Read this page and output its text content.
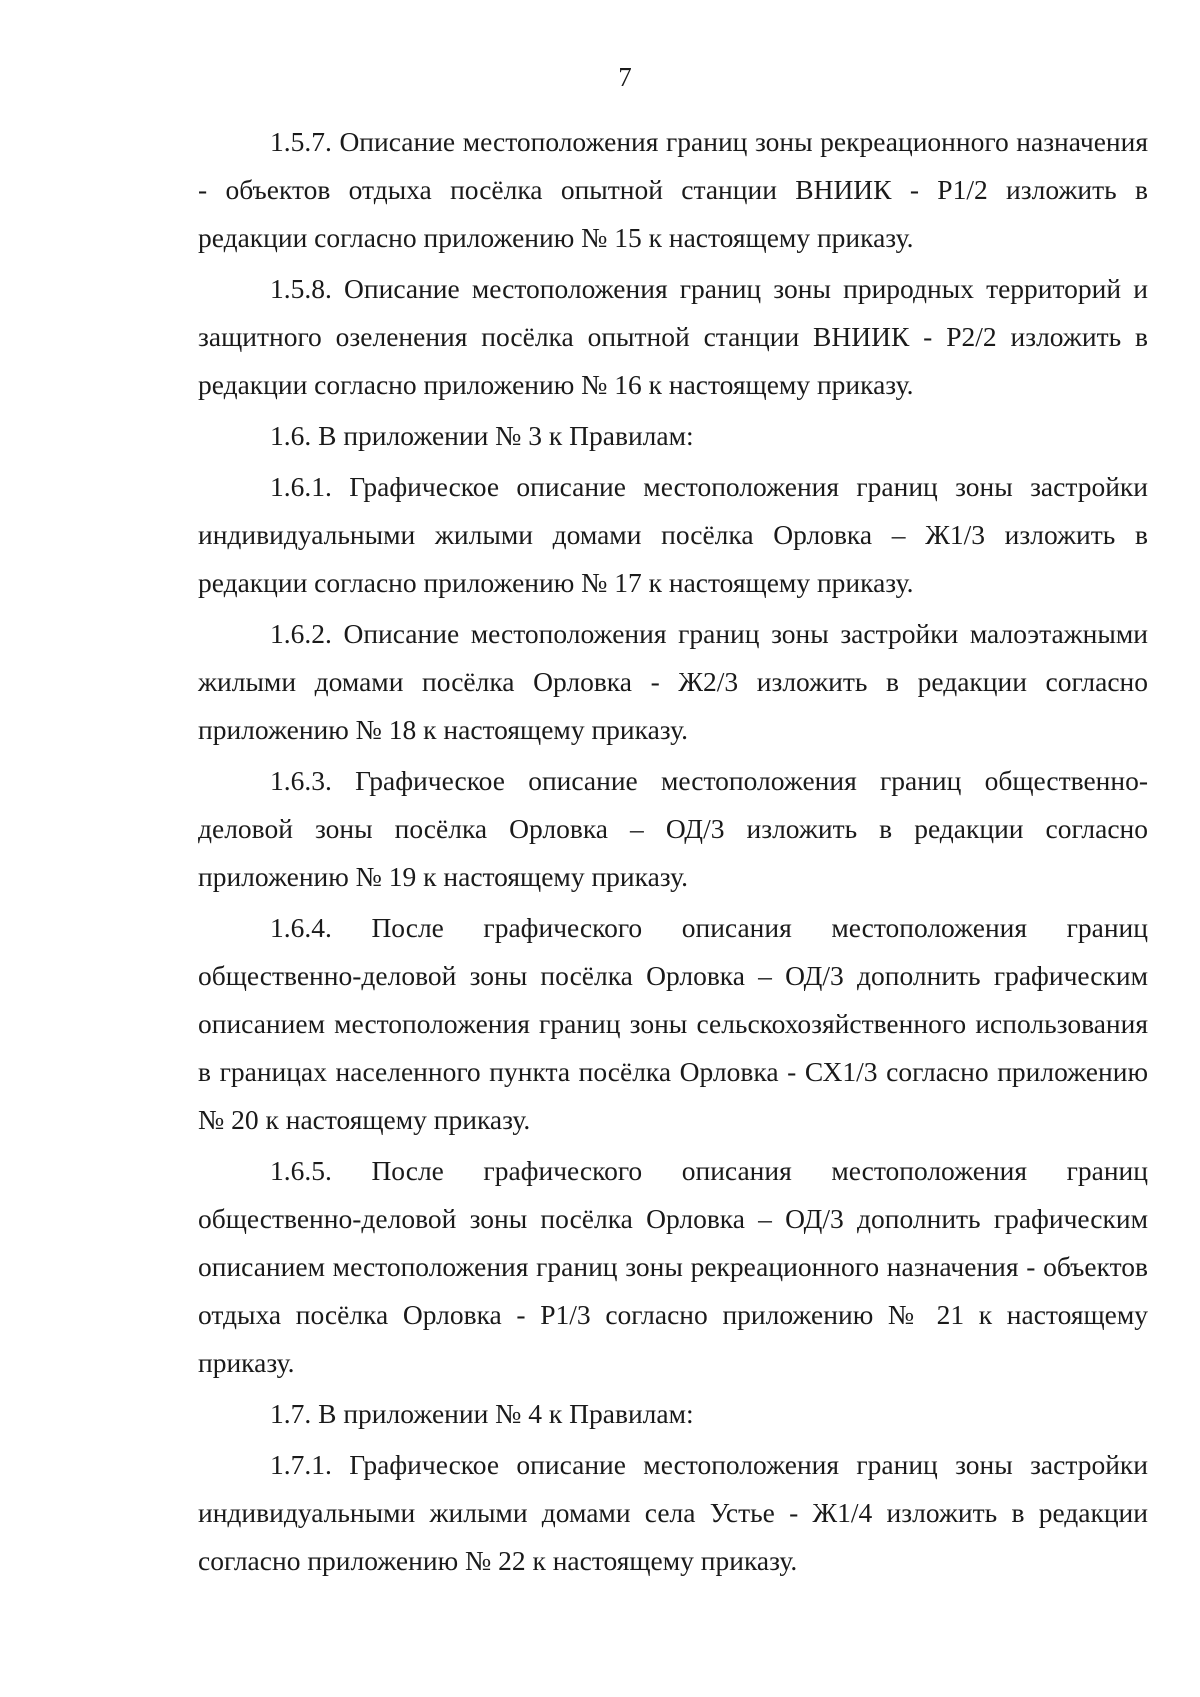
7

1.5.7. Описание местоположения границ зоны рекреационного назначения - объектов отдыха посёлка опытной станции ВНИИК - Р1/2 изложить в редакции согласно приложению № 15 к настоящему приказу.

1.5.8. Описание местоположения границ зоны природных территорий и защитного озеленения посёлка опытной станции ВНИИК - Р2/2 изложить в редакции согласно приложению № 16 к настоящему приказу.

1.6. В приложении № 3 к Правилам:

1.6.1. Графическое описание местоположения границ зоны застройки индивидуальными жилыми домами посёлка Орловка – Ж1/3 изложить в редакции согласно приложению № 17 к настоящему приказу.

1.6.2. Описание местоположения границ зоны застройки малоэтажными жилыми домами посёлка Орловка - Ж2/3 изложить в редакции согласно приложению № 18 к настоящему приказу.

1.6.3. Графическое описание местоположения границ общественно-деловой зоны посёлка Орловка – ОД/3 изложить в редакции согласно приложению № 19 к настоящему приказу.

1.6.4. После графического описания местоположения границ общественно-деловой зоны посёлка Орловка – ОД/3 дополнить графическим описанием местоположения границ зоны сельскохозяйственного использования в границах населенного пункта посёлка Орловка - СХ1/3 согласно приложению № 20 к настоящему приказу.

1.6.5. После графического описания местоположения границ общественно-деловой зоны посёлка Орловка – ОД/3 дополнить графическим описанием местоположения границ зоны рекреационного назначения - объектов отдыха посёлка Орловка - Р1/3 согласно приложению № 21 к настоящему приказу.

1.7. В приложении № 4 к Правилам:

1.7.1. Графическое описание местоположения границ зоны застройки индивидуальными жилыми домами села Устье - Ж1/4 изложить в редакции согласно приложению № 22 к настоящему приказу.
